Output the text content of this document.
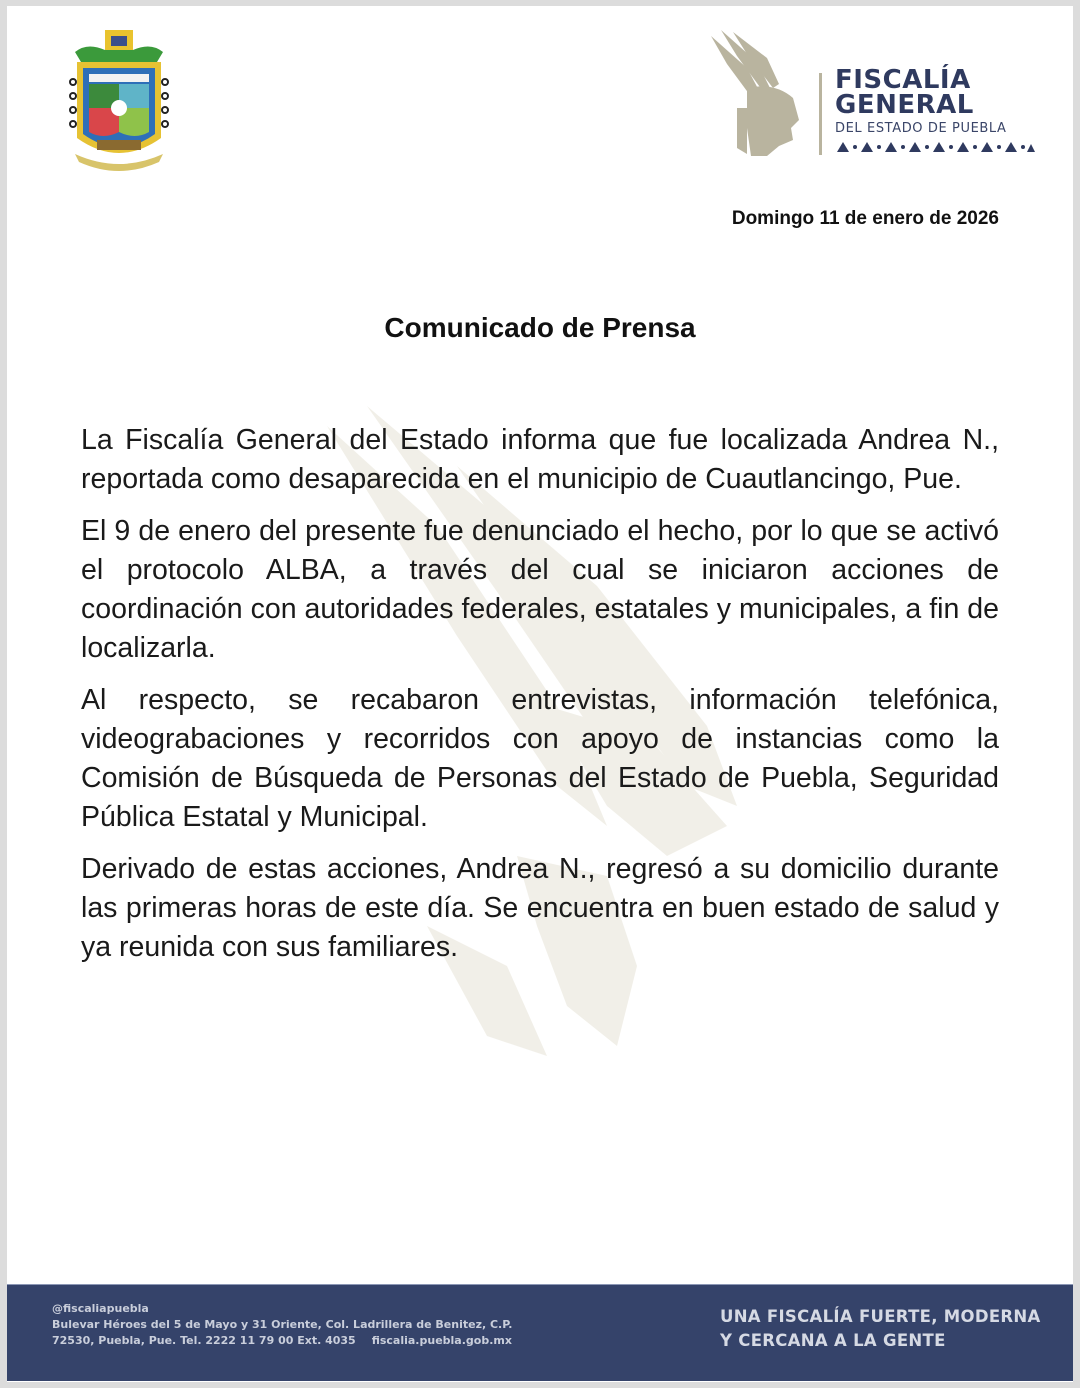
FISCALÍA
GENERAL
DEL ESTADO DE PUEBLA
Domingo 11 de enero de 2026
Comunicado de Prensa

La Fiscalía General del Estado informa que fue localizada Andrea N., reportada como desaparecida en el municipio de Cuautlancingo, Pue.

El 9 de enero del presente fue denunciado el hecho, por lo que se activó el protocolo ALBA, a través del cual se iniciaron acciones de coordinación con autoridades federales, estatales y municipales, a fin de localizarla.

Al respecto, se recabaron entrevistas, información telefónica, videograbaciones y recorridos con apoyo de instancias como la Comisión de Búsqueda de Personas del Estado de Puebla, Seguridad Pública Estatal y Municipal.

Derivado de estas acciones, Andrea N., regresó a su domicilio durante las primeras horas de este día. Se encuentra en buen estado de salud y ya reunida con sus familiares.

@fiscaliapuebla
Bulevar Héroes del 5 de Mayo y 31 Oriente, Col. Ladrillera de Benitez, C.P.
72530, Puebla, Pue. Tel. 2222 11 79 00 Ext. 4035 fiscalia.puebla.gob.mx
UNA FISCALÍA FUERTE, MODERNA
Y CERCANA A LA GENTE
